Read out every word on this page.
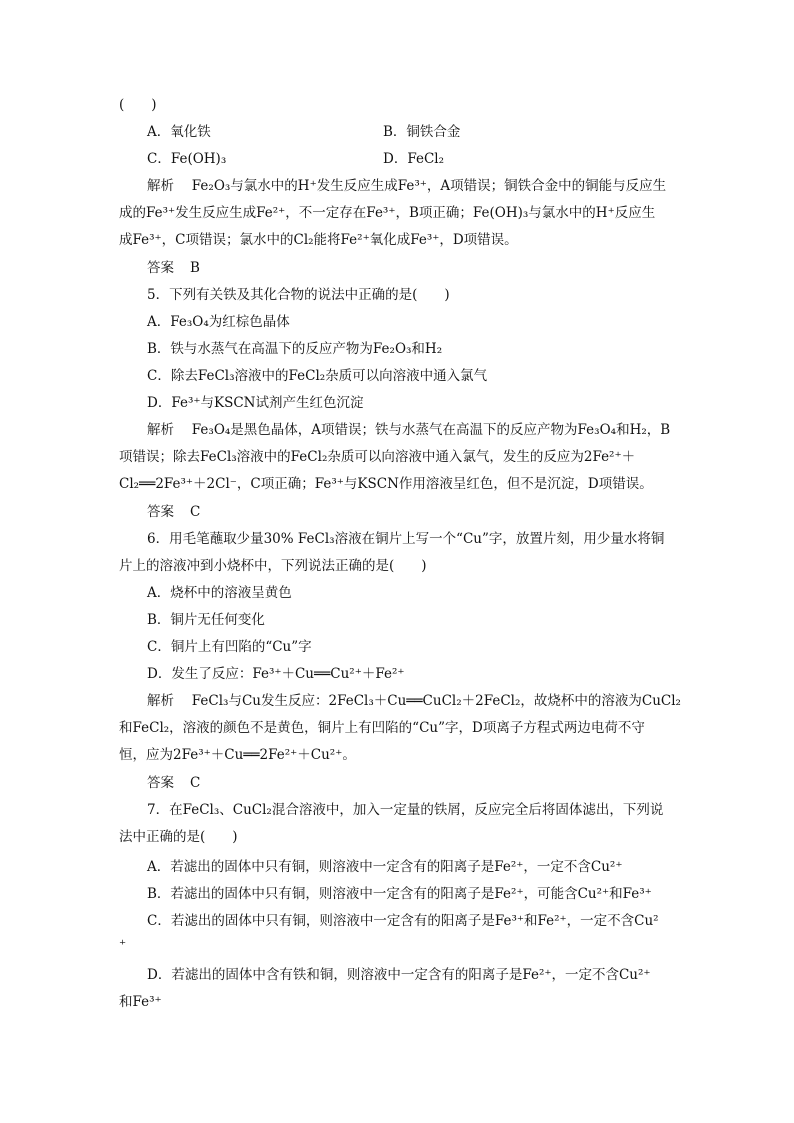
(　　)
A．氧化铁	B．铜铁合金
C．Fe(OH)₃	D．FeCl₂
解析　 Fe₂O₃与氯水中的H⁺发生反应生成Fe³⁺，A项错误；铜铁合金中的铜能与反应生
成的Fe³⁺发生反应生成Fe²⁺，不一定存在Fe³⁺，B项正确；Fe(OH)₃与氯水中的H⁺反应生
成Fe³⁺，C项错误；氯水中的Cl₂能将Fe²⁺氧化成Fe³⁺，D项错误。
答案 B
5．下列有关铁及其化合物的说法中正确的是(　　)
A．Fe₃O₄为红棕色晶体
B．铁与水蒸气在高温下的反应产物为Fe₂O₃和H₂
C．除去FeCl₃溶液中的FeCl₂杂质可以向溶液中通入氯气
D．Fe³⁺与KSCN试剂产生红色沉淀
解析　 Fe₃O₄是黑色晶体，A项错误；铁与水蒸气在高温下的反应产物为Fe₃O₄和H₂，B
项错误；除去FeCl₃溶液中的FeCl₂杂质可以向溶液中通入氯气，发生的反应为2Fe²⁺＋
Cl₂══2Fe³⁺＋2Cl⁻，C项正确；Fe³⁺与KSCN作用溶液呈红色，但不是沉淀，D项错误。
答案 C
6．用毛笔蘸取少量30% FeCl₃溶液在铜片上写一个“Cu”字，放置片刻，用少量水将铜
片上的溶液冲到小烧杯中，下列说法正确的是(　　)
A．烧杯中的溶液呈黄色
B．铜片无任何变化
C．铜片上有凹陷的“Cu”字
D．发生了反应：Fe³⁺＋Cu══Cu²⁺＋Fe²⁺
解析　 FeCl₃与Cu发生反应：2FeCl₃＋Cu══CuCl₂＋2FeCl₂，故烧杯中的溶液为CuCl₂
和FeCl₂，溶液的颜色不是黄色，铜片上有凹陷的“Cu”字，D项离子方程式两边电荷不守
恒，应为2Fe³⁺＋Cu══2Fe²⁺＋Cu²⁺。
答案 C
7．在FeCl₃、CuCl₂混合溶液中，加入一定量的铁屑，反应完全后将固体滤出，下列说
法中正确的是(　　)
A．若滤出的固体中只有铜，则溶液中一定含有的阳离子是Fe²⁺，一定不含Cu²⁺
B．若滤出的固体中只有铜，则溶液中一定含有的阳离子是Fe²⁺，可能含Cu²⁺和Fe³⁺
C．若滤出的固体中只有铜，则溶液中一定含有的阳离子是Fe³⁺和Fe²⁺，一定不含Cu²
⁺
D．若滤出的固体中含有铁和铜，则溶液中一定含有的阳离子是Fe²⁺，一定不含Cu²⁺
和Fe³⁺
